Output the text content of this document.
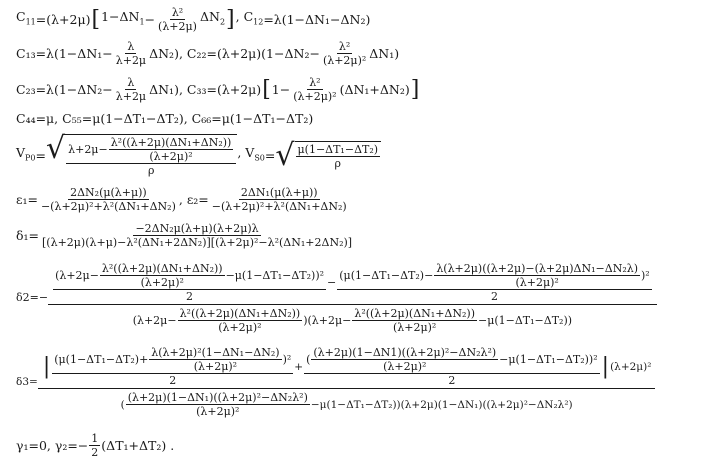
$C_{11} =(\lambda+2\mu)$ [ $1-\Delta N_1 - \frac{\text{λ²}}{(\lambda+2\mu)} \Delta N_2$ ] , $C_{12} =\lambda(1-\Delta N_1-\Delta N_2)$
$C_{13}=\lambda(1-\Delta N_1- \frac{\lambda}{\lambda+2\mu} \Delta N_2)$, $C_{22}=(\lambda+2\mu)(1-\Delta N_2- \frac{\text{λ²}}{\text{(λ+2μ)²}} \Delta N_1)$
$C_{23}=\lambda(1-\Delta N_2- \frac{\lambda}{\lambda+2\mu} \Delta N_1)$, C₃₃=(λ+2μ) [ $1- \frac{\text{λ²}}{\text{(λ+2μ)²}} (\Delta N_1+\Delta N_2)$ ]
C₄₄=μ, C₅₅=μ(1−ΔT₁−ΔT₂), C₆₆=μ(1−ΔT₁−ΔT₂)
$V_{P0}$ = √ $\lambda+2\mu- \frac{\text{λ²((λ+2μ)(ΔN₁+ΔN₂))}}{\text{(λ+2μ)²}}$
ρ
, $V_{S0}$ = √ $\frac{\text{μ(1−ΔT₁−ΔT₂)}}{\rho}$
$\varepsilon_1= \frac{\text{2ΔN₂(μ(λ+μ))}}{\text{−(λ+2μ)²+λ²(ΔN₁+ΔN₂)}}$ , $\varepsilon_2= \frac{\text{2ΔN₁(μ(λ+μ))}}{\text{−(λ+2μ)²+λ²(ΔN₁+ΔN₂)}}$
$\delta_1= \frac{\text{−2ΔN₂μ(λ+μ)(λ+2μ)λ}}{\text{[(λ+2μ)(λ+μ)−λ²(ΔN₁+2ΔN₂)][(λ+2μ)²−λ²(ΔN₁+2ΔN₂)]}}$
δ2=−
$(\lambda+2\mu- \frac{\text{λ²((λ+2μ)(ΔN₁+ΔN₂))}}{\text{(λ+2μ)²}} -\mu(1-\Delta T_1-\Delta T_2))^2$
2
− $(\mu(1-\Delta T_1-\Delta T_2)- \frac{\text{λ(λ+2μ)((λ+2μ)−(λ+2μ)ΔN₁−ΔN₂λ)}}{\text{(λ+2μ)²}} )^2$
2
$(\lambda+2\mu- \frac{\text{λ²((λ+2μ)(ΔN₁+ΔN₂))}}{\text{(λ+2μ)²}} )(\lambda+2\mu- \frac{\text{λ²((λ+2μ)(ΔN₁+ΔN₂))}}{\text{(λ+2μ)²}} -\mu(1-\Delta T_1-\Delta T_2))$
δ3=
| $(\mu(1-\Delta T_1-\Delta T_2)+ \frac{\text{λ(λ+2μ)²(1−ΔN₁−ΔN₂)}}{\text{(λ+2μ)²}} )^2$
2
+
( $\frac{\text{(λ+2μ)(1−ΔN1)((λ+2μ)²−ΔN₂λ²)}}{\text{(λ+2μ)²}} -\mu(1-\Delta T_1-\Delta T_2))^2$
2
| (λ+2μ)²
( $\frac{\text{(λ+2μ)(1−ΔN₁)((λ+2μ)²−ΔN₂λ²)}}{\text{(λ+2μ)²}} -\mu(1-\Delta T_1-\Delta T_2))(\lambda+2\mu)(1-\Delta N_1)((\lambda+2\mu)^2-\Delta N_2\lambda^2)$
γ₁=0, $\gamma_2=- \frac{1}{2} (\Delta T_1+\Delta T_2)$ .
